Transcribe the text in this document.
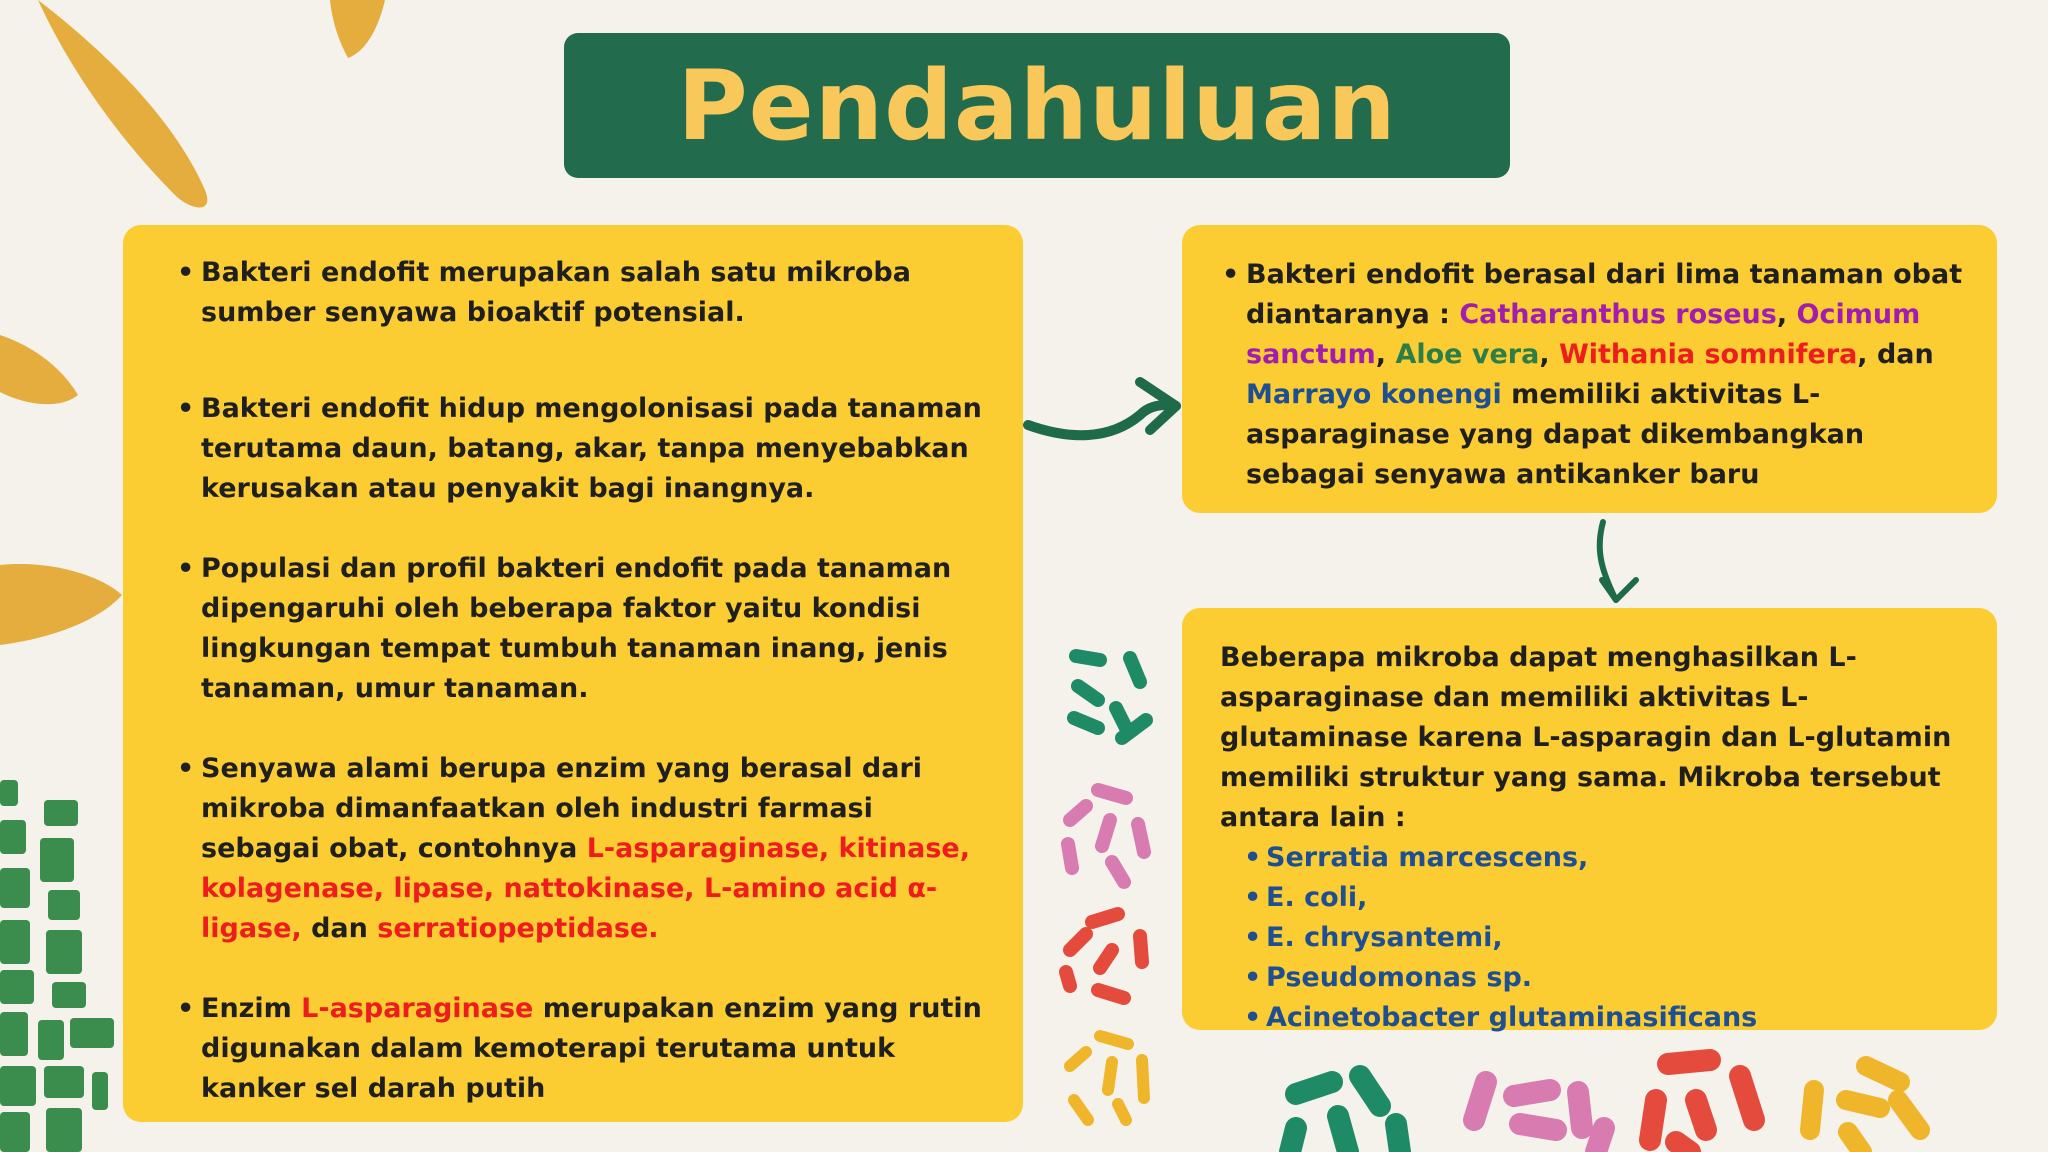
Pendahuluan
• Bakteri endofit merupakan salah satu mikroba sumber senyawa bioaktif potensial.
• Bakteri endofit hidup mengolonisasi pada tanaman terutama daun, batang, akar, tanpa menyebabkan kerusakan atau penyakit bagi inangnya.
• Populasi dan profil bakteri endofit pada tanaman dipengaruhi oleh beberapa faktor yaitu kondisi lingkungan tempat tumbuh tanaman inang, jenis tanaman, umur tanaman.
• Senyawa alami berupa enzim yang berasal dari mikroba dimanfaatkan oleh industri farmasi sebagai obat, contohnya L-asparaginase, kitinase, kolagenase, lipase, nattokinase, L-amino acid α-ligase, dan serratiopeptidase.
• Enzim L-asparaginase merupakan enzim yang rutin digunakan dalam kemoterapi terutama untuk kanker sel darah putih
• Bakteri endofit berasal dari lima tanaman obat diantaranya : Catharanthus roseus, Ocimum sanctum, Aloe vera, Withania somnifera, dan Marrayo konengi memiliki aktivitas L-asparaginase yang dapat dikembangkan sebagai senyawa antikanker baru
Beberapa mikroba dapat menghasilkan L-asparaginase dan memiliki aktivitas L-glutaminase karena L-asparagin dan L-glutamin memiliki struktur yang sama. Mikroba tersebut antara lain :
• Serratia marcescens,
• E. coli,
• E. chrysantemi,
• Pseudomonas sp.
• Acinetobacter glutaminasificans
